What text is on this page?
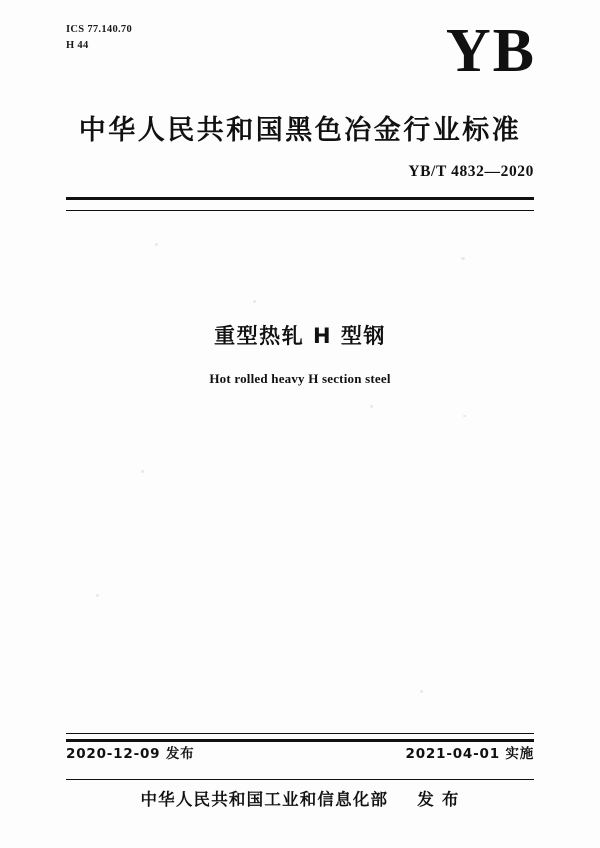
ICS 77.140.70
H 44	YB
中华人民共和国黑色冶金行业标准
YB/T 4832—2020
重型热轧 H 型钢
Hot rolled heavy H section steel
2020-12-09 发布	2021-04-01 实施
中华人民共和国工业和信息化部 发 布
